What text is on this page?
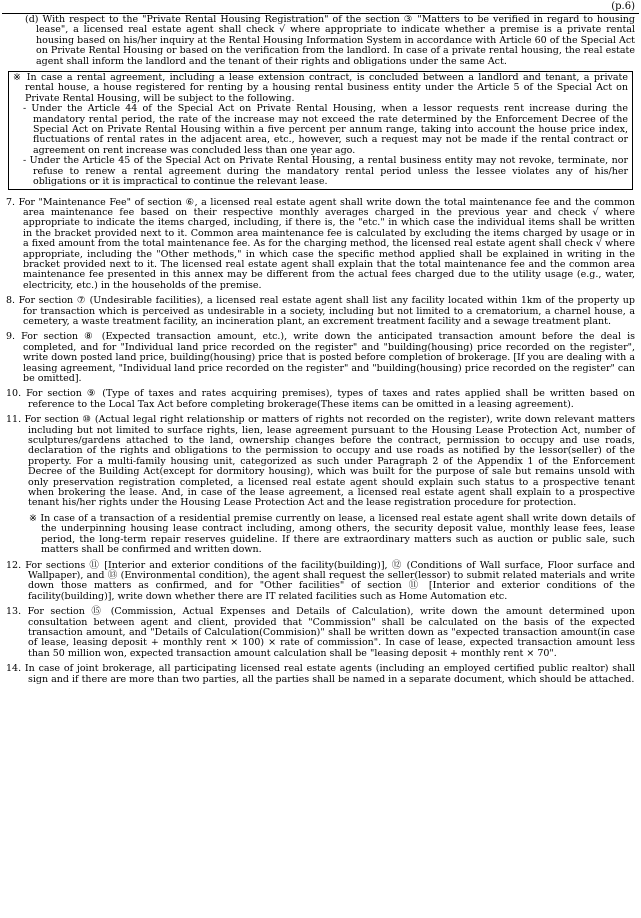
(p.6)

(d) With respect to the "Private Rental Housing Registration" of the section ③ "Matters to be verified in regard to housing lease", a licensed real estate agent shall check √ where appropriate to indicate whether a premise is a private rental housing based on his/her inquiry at the Rental Housing Information System in accordance with Article 60 of the Special Act on Private Rental Housing or based on the verification from the landlord. In case of a private rental housing, the real estate agent shall inform the landlord and the tenant of their rights and obligations under the same Act.

※ In case a rental agreement, including a lease extension contract, is concluded between a landlord and tenant, a private rental house, a house registered for renting by a housing rental business entity under the Article 5 of the Special Act on Private Rental Housing, will be subject to the following.

- Under the Article 44 of the Special Act on Private Rental Housing, when a lessor requests rent increase during the mandatory rental period, the rate of the increase may not exceed the rate determined by the Enforcement Decree of the Special Act on Private Rental Housing within a five percent per annum range, taking into account the house price index, fluctuations of rental rates in the adjacent area, etc., however, such a request may not be made if the rental contract or agreement on rent increase was concluded less than one year ago.

- Under the Article 45 of the Special Act on Private Rental Housing, a rental business entity may not revoke, terminate, nor refuse to renew a rental agreement during the mandatory rental period unless the lessee violates any of his/her obligations or it is impractical to continue the relevant lease.

7. For "Maintenance Fee" of section ⑥, a licensed real estate agent shall write down the total maintenance fee and the common area maintenance fee based on their respective monthly averages charged in the previous year and check √ where appropriate to indicate the items charged, including, if there is, the "etc." in which case the individual items shall be written in the bracket provided next to it. Common area maintenance fee is calculated by excluding the items charged by usage or in a fixed amount from the total maintenance fee. As for the charging method, the licensed real estate agent shall check √ where appropriate, including the "Other methods," in which case the specific method applied shall be explained in writing in the bracket provided next to it. The licensed real estate agent shall explain that the total maintenance fee and the common area maintenance fee presented in this annex may be different from the actual fees charged due to the utility usage (e.g., water, electricity, etc.) in the households of the premise.

8. For section ⑦ (Undesirable facilities), a licensed real estate agent shall list any facility located within 1km of the property up for transaction which is perceived as undesirable in a society, including but not limited to a crematorium, a charnel house, a cemetery, a waste treatment facility, an incineration plant, an excrement treatment facility and a sewage treatment plant.

9. For section ⑧ (Expected transaction amount, etc.), write down the anticipated transaction amount before the deal is completed, and for "Individual land price recorded on the register" and "building(housing) price recorded on the register", write down posted land price, building(housing) price that is posted before completion of brokerage. [If you are dealing with a leasing agreement, "Individual land price recorded on the register" and "building(housing) price recorded on the register" can be omitted].

10. For section ⑨ (Type of taxes and rates acquiring premises), types of taxes and rates applied shall be written based on reference to the Local Tax Act before completing brokerage(These items can be omitted in a leasing agreement).

11. For section ⑩ (Actual legal right relationship or matters of rights not recorded on the register), write down relevant matters including but not limited to surface rights, lien, lease agreement pursuant to the Housing Lease Protection Act, number of sculptures/gardens attached to the land, ownership changes before the contract, permission to occupy and use roads, declaration of the rights and obligations to the permission to occupy and use roads as notified by the lessor(seller) of the property. For a multi-family housing unit, categorized as such under Paragraph 2 of the Appendix 1 of the Enforcement Decree of the Building Act(except for dormitory housing), which was built for the purpose of sale but remains unsold with only preservation registration completed, a licensed real estate agent should explain such status to a prospective tenant when brokering the lease. And, in case of the lease agreement, a licensed real estate agent shall explain to a prospective tenant his/her rights under the Housing Lease Protection Act and the lease registration procedure for protection.

※ In case of a transaction of a residential premise currently on lease, a licensed real estate agent shall write down details of the underpinning housing lease contract including, among others, the security deposit value, monthly lease fees, lease period, the long-term repair reserves guideline. If there are extraordinary matters such as auction or public sale, such matters shall be confirmed and written down.

12. For sections ⑪ [Interior and exterior conditions of the facility(building)], ⑫ (Conditions of Wall surface, Floor surface and Wallpaper), and ⑬ (Environmental condition), the agent shall request the seller(lessor) to submit related materials and write down those matters as confirmed, and for "Other facilities" of section ⑪ [Interior and exterior conditions of the facility(building)], write down whether there are IT related facilities such as Home Automation etc.

13. For section ⑮ (Commission, Actual Expenses and Details of Calculation), write down the amount determined upon consultation between agent and client, provided that "Commission" shall be calculated on the basis of the expected transaction amount, and "Details of Calculation(Commision)" shall be written down as "expected transaction amount(in case of lease, leasing deposit + monthly rent × 100) × rate of commission". In case of lease, expected transaction amount less than 50 million won, expected transaction amount calculation shall be "leasing deposit + monthly rent × 70".

14. In case of joint brokerage, all participating licensed real estate agents (including an employed certified public realtor) shall sign and if there are more than two parties, all the parties shall be named in a separate document, which should be attached.
